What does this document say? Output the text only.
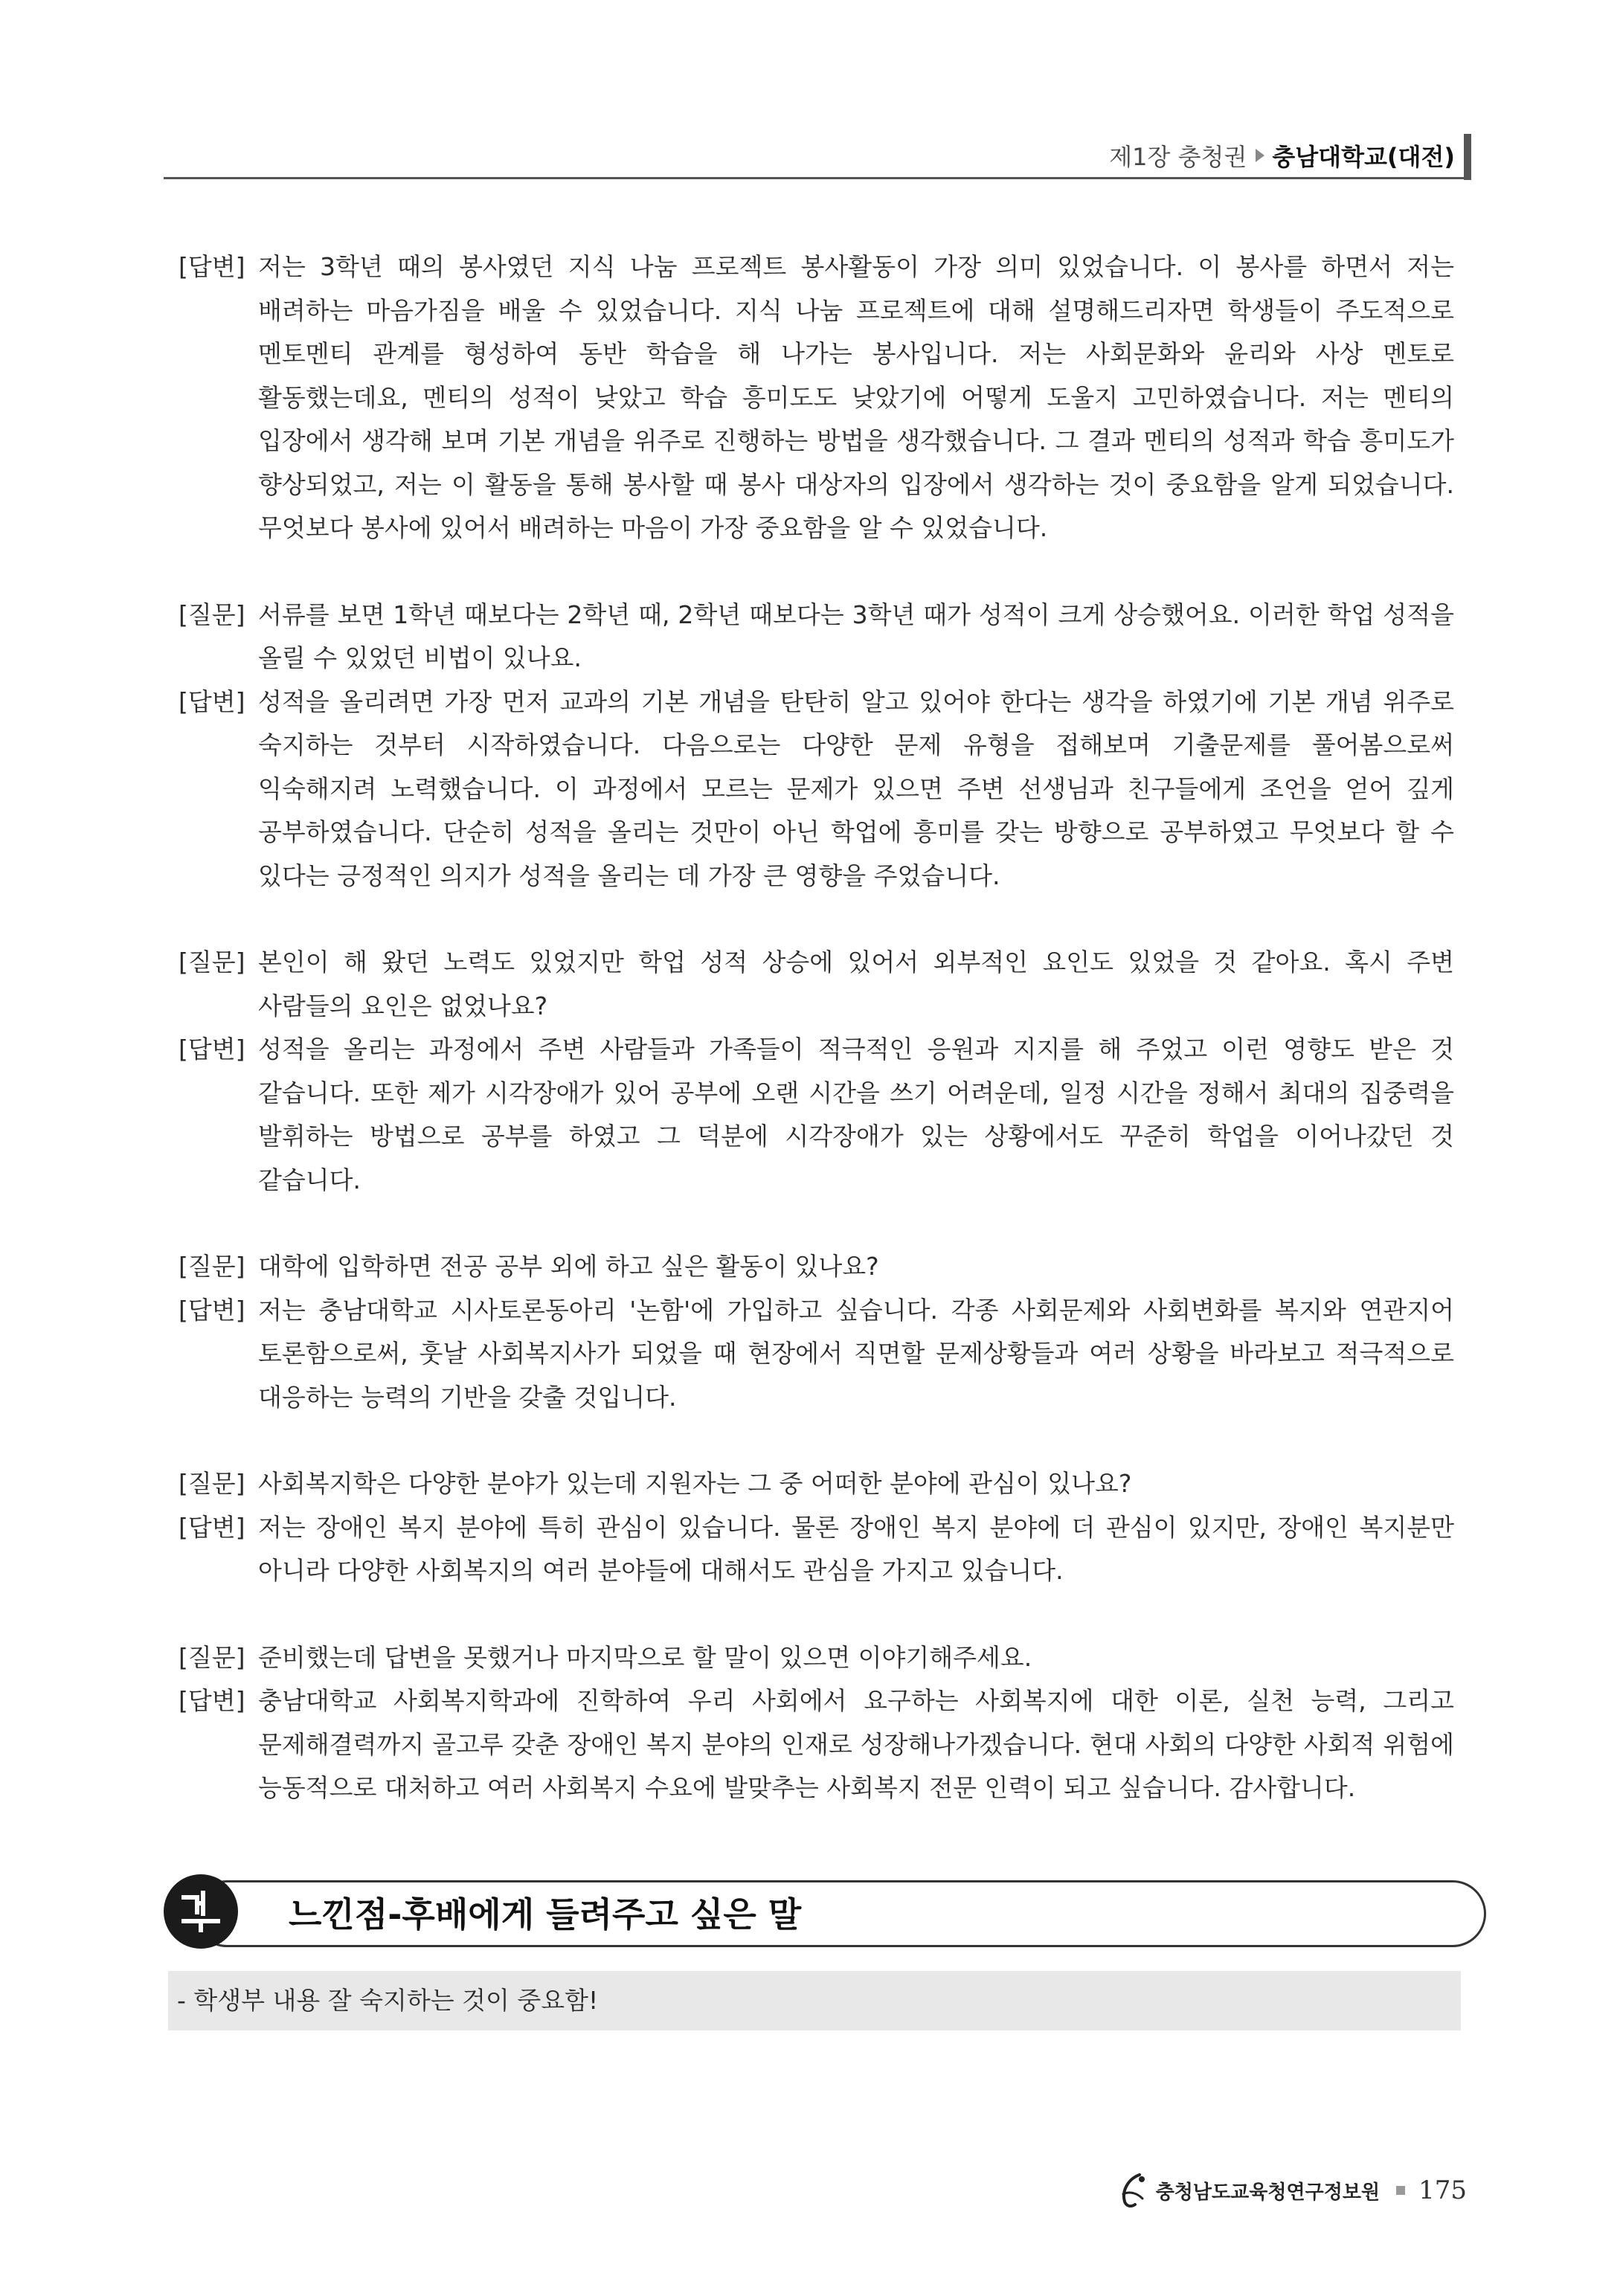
제1장 충청권 충남대학교(대전)
[답변] 저는 3학년 때의 봉사였던 지식 나눔 프로젝트 봉사활동이 가장 의미 있었습니다. 이 봉사를 하면서 저는 배려하는 마음가짐을 배울 수 있었습니다. 지식 나눔 프로젝트에 대해 설명해드리자면 학생들이 주도적으로 멘토멘티 관계를 형성하여 동반 학습을 해 나가는 봉사입니다. 저는 사회문화와 윤리와 사상 멘토로 활동했는데요, 멘티의 성적이 낮았고 학습 흥미도도 낮았기에 어떻게 도울지 고민하였습니다. 저는 멘티의 입장에서 생각해 보며 기본 개념을 위주로 진행하는 방법을 생각했습니다. 그 결과 멘티의 성적과 학습 흥미도가 향상되었고, 저는 이 활동을 통해 봉사할 때 봉사 대상자의 입장에서 생각하는 것이 중요함을 알게 되었습니다. 무엇보다 봉사에 있어서 배려하는 마음이 가장 중요함을 알 수 있었습니다.
[질문] 서류를 보면 1학년 때보다는 2학년 때, 2학년 때보다는 3학년 때가 성적이 크게 상승했어요. 이러한 학업 성적을 올릴 수 있었던 비법이 있나요.
[답변] 성적을 올리려면 가장 먼저 교과의 기본 개념을 탄탄히 알고 있어야 한다는 생각을 하였기에 기본 개념 위주로 숙지하는 것부터 시작하였습니다. 다음으로는 다양한 문제 유형을 접해보며 기출문제를 풀어봄으로써 익숙해지려 노력했습니다. 이 과정에서 모르는 문제가 있으면 주변 선생님과 친구들에게 조언을 얻어 깊게 공부하였습니다. 단순히 성적을 올리는 것만이 아닌 학업에 흥미를 갖는 방향으로 공부하였고 무엇보다 할 수 있다는 긍정적인 의지가 성적을 올리는 데 가장 큰 영향을 주었습니다.
[질문] 본인이 해 왔던 노력도 있었지만 학업 성적 상승에 있어서 외부적인 요인도 있었을 것 같아요. 혹시 주변 사람들의 요인은 없었나요?
[답변] 성적을 올리는 과정에서 주변 사람들과 가족들이 적극적인 응원과 지지를 해 주었고 이런 영향도 받은 것 같습니다. 또한 제가 시각장애가 있어 공부에 오랜 시간을 쓰기 어려운데, 일정 시간을 정해서 최대의 집중력을 발휘하는 방법으로 공부를 하였고 그 덕분에 시각장애가 있는 상황에서도 꾸준히 학업을 이어나갔던 것 같습니다.
[질문] 대학에 입학하면 전공 공부 외에 하고 싶은 활동이 있나요?
[답변] 저는 충남대학교 시사토론동아리 '논함'에 가입하고 싶습니다. 각종 사회문제와 사회변화를 복지와 연관지어 토론함으로써, 훗날 사회복지사가 되었을 때 현장에서 직면할 문제상황들과 여러 상황을 바라보고 적극적으로 대응하는 능력의 기반을 갖출 것입니다.
[질문] 사회복지학은 다양한 분야가 있는데 지원자는 그 중 어떠한 분야에 관심이 있나요?
[답변] 저는 장애인 복지 분야에 특히 관심이 있습니다. 물론 장애인 복지 분야에 더 관심이 있지만, 장애인 복지분만 아니라 다양한 사회복지의 여러 분야들에 대해서도 관심을 가지고 있습니다.
[질문] 준비했는데 답변을 못했거나 마지막으로 할 말이 있으면 이야기해주세요.
[답변] 충남대학교 사회복지학과에 진학하여 우리 사회에서 요구하는 사회복지에 대한 이론, 실천 능력, 그리고 문제해결력까지 골고루 갖춘 장애인 복지 분야의 인재로 성장해나가겠습니다. 현대 사회의 다양한 사회적 위험에 능동적으로 대처하고 여러 사회복지 수요에 발맞추는 사회복지 전문 인력이 되고 싶습니다. 감사합니다.
느낀점-후배에게 들려주고 싶은 말
- 학생부 내용 잘 숙지하는 것이 중요함!
충청남도교육청연구정보원 175
